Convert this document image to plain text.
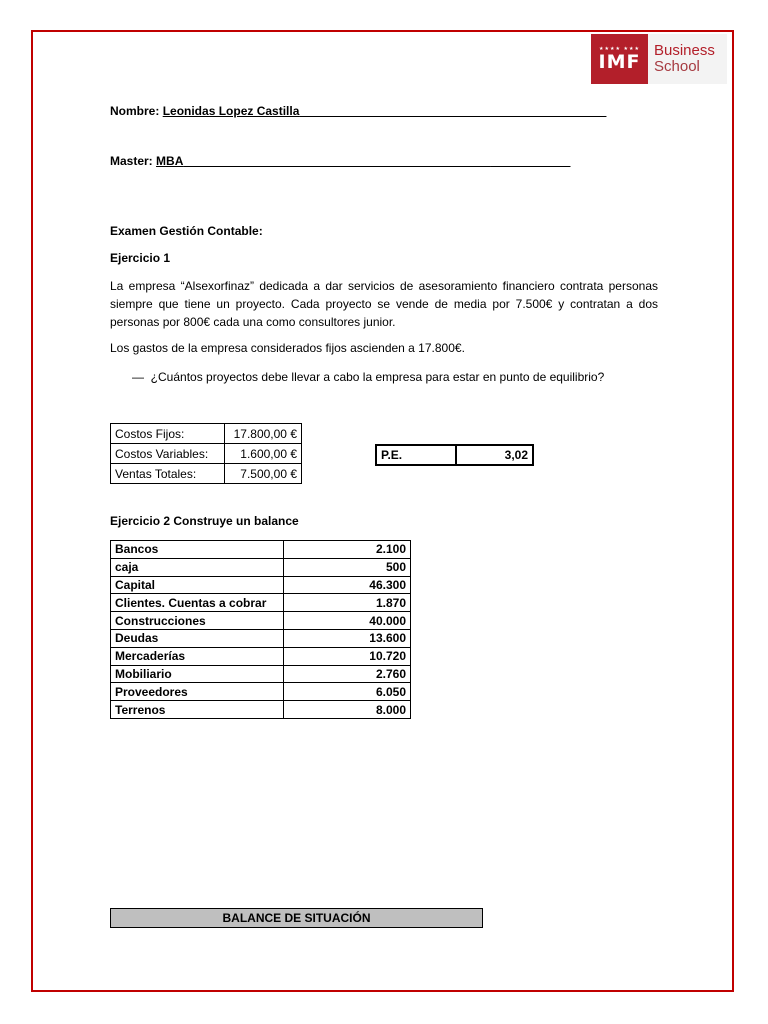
★★★★ ★★★
IMF
Business
School
Nombre: Leonidas Lopez Castilla______________________________________________
Master: MBA__________________________________________________________
Examen Gestión Contable:
Ejercicio 1
La empresa “Alsexorfinaz” dedicada a dar servicios de asesoramiento financiero contrata personas siempre que tiene un proyecto. Cada proyecto se vende de media por 7.500€ y contratan a dos personas por 800€ cada una como consultores junior.
Los gastos de la empresa considerados fijos ascienden a 17.800€.
— ¿Cuántos proyectos debe llevar a cabo la empresa para estar en punto de equilibrio?
Costos Fijos:	17.800,00 €
Costos Variables:	1.600,00 €
Ventas Totales:	7.500,00 €
P.E.	3,02
Ejercicio 2 Construye un balance
Bancos	2.100
caja	500
Capital	46.300
Clientes. Cuentas a cobrar	1.870
Construcciones	40.000
Deudas	13.600
Mercaderías	10.720
Mobiliario	2.760
Proveedores	6.050
Terrenos	8.000
BALANCE DE SITUACIÓN
